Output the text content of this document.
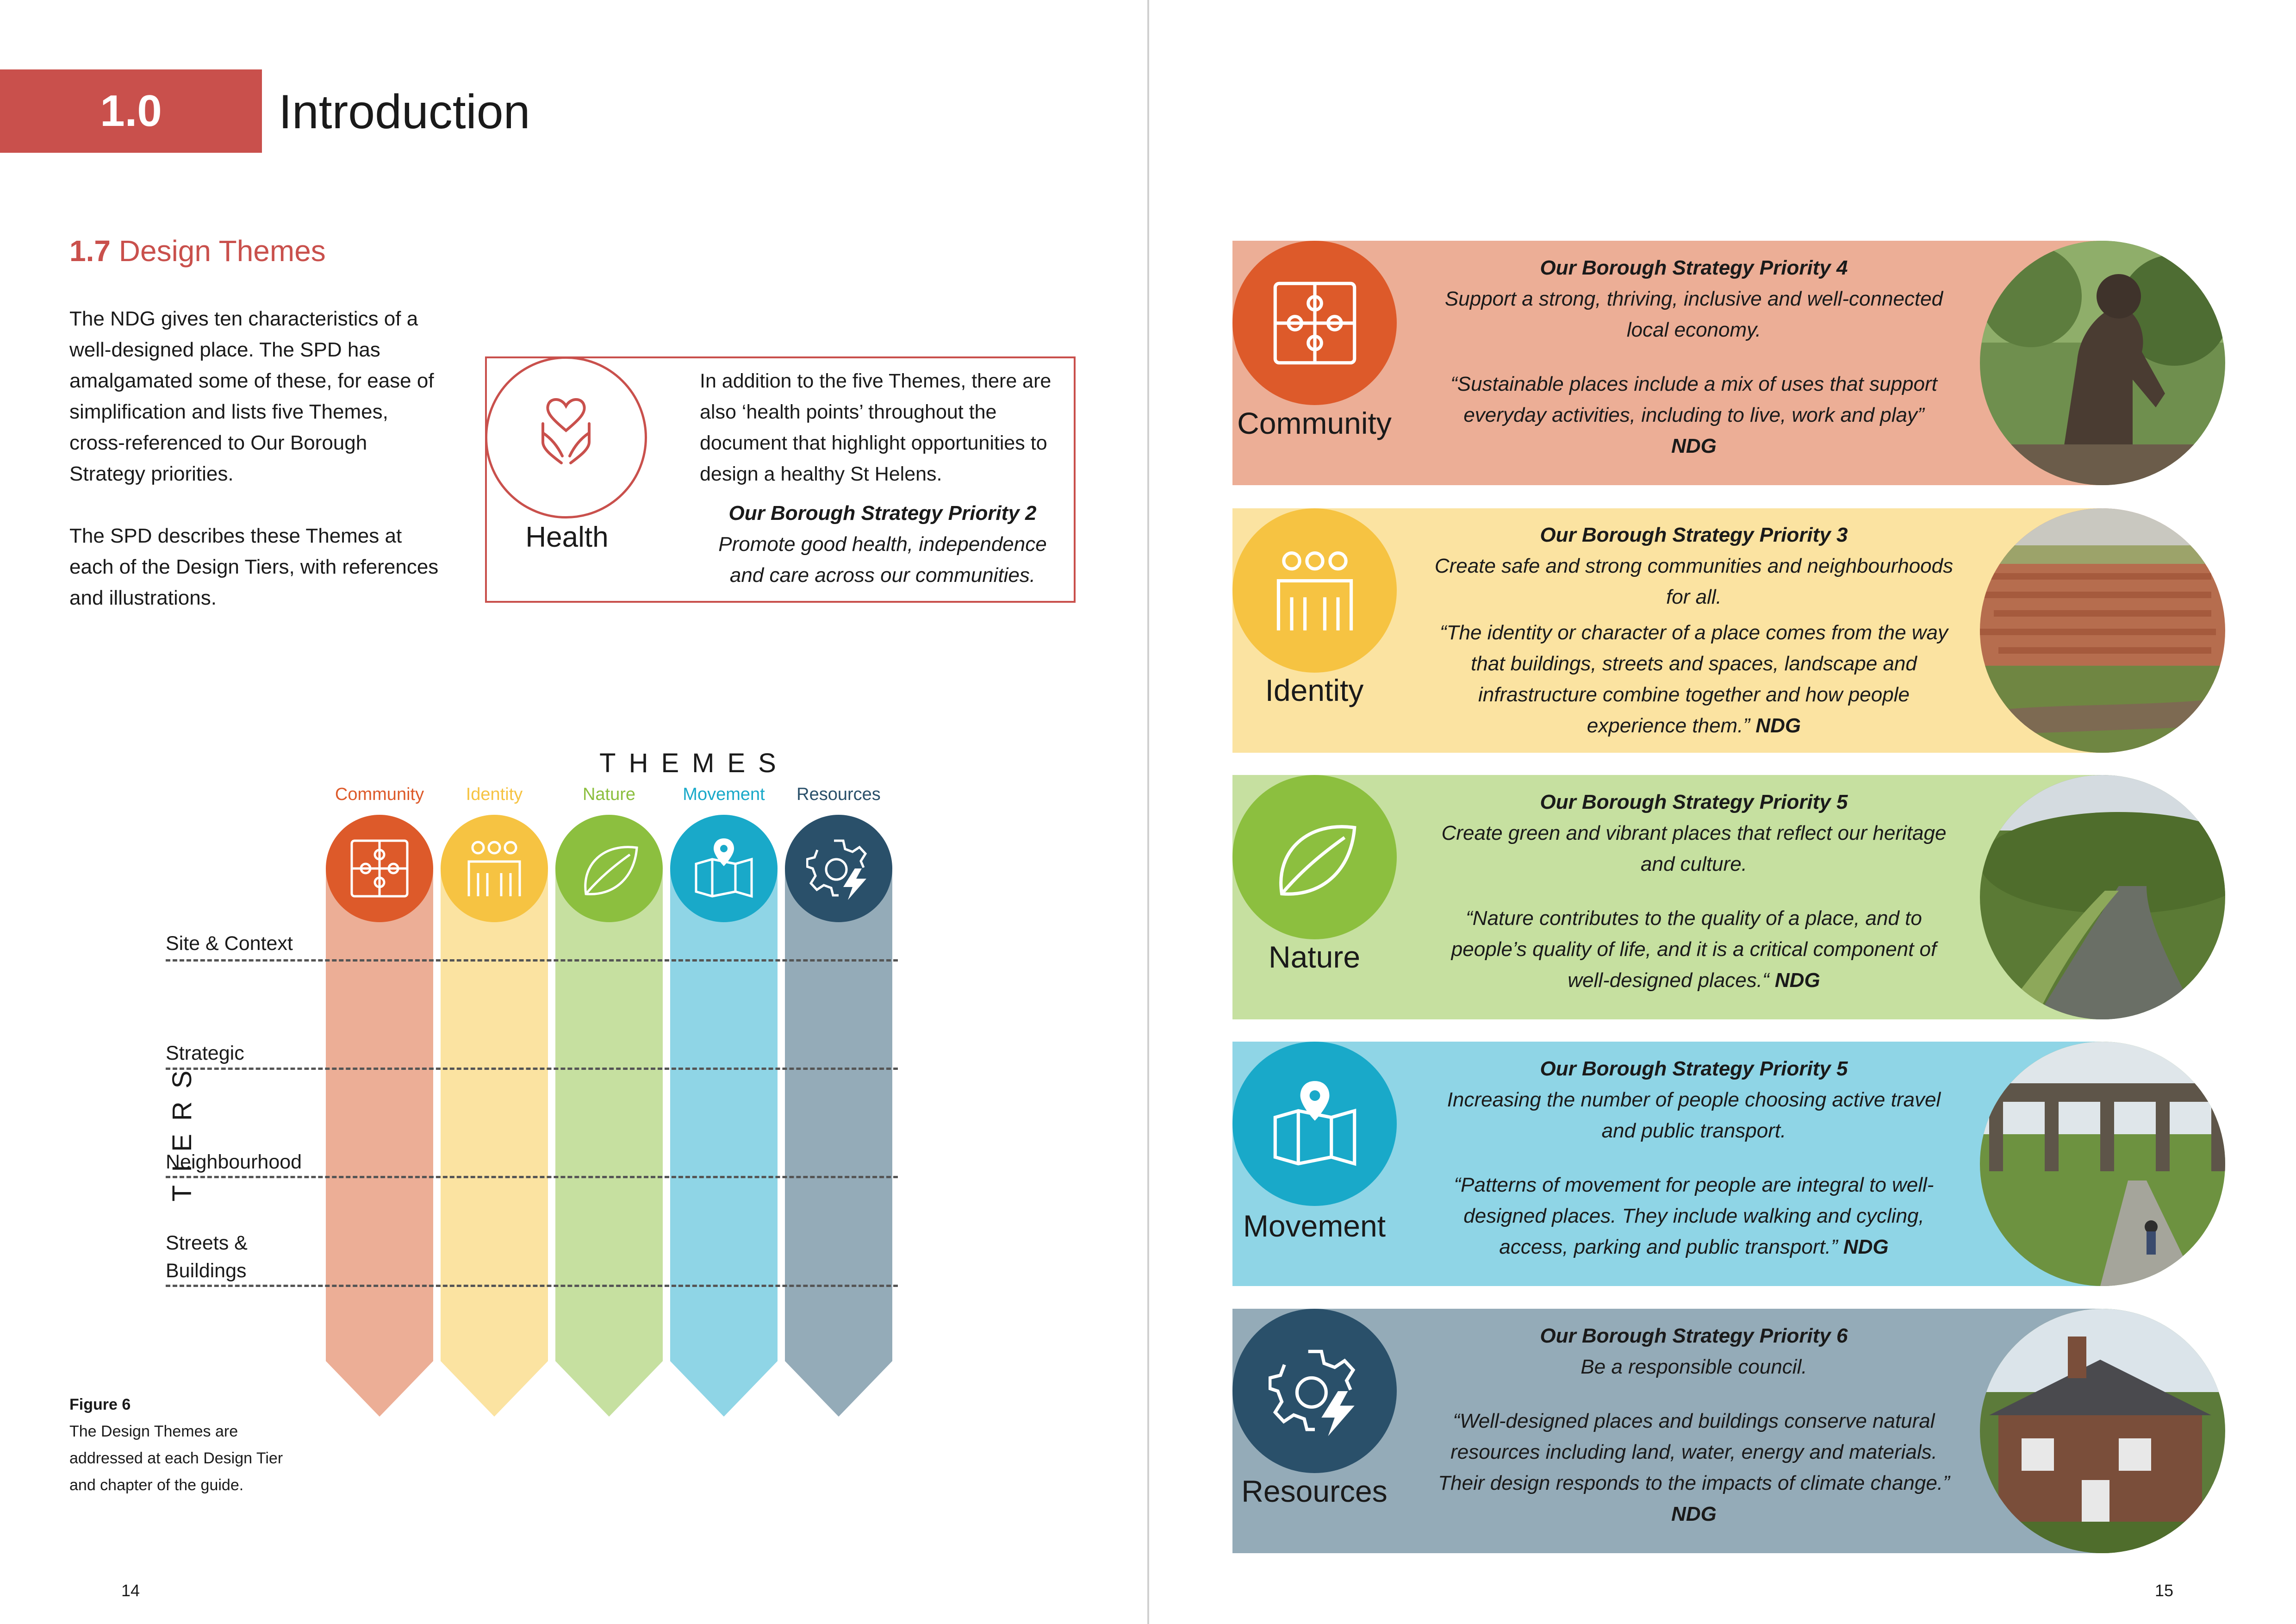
1.0	Introduction
1.7 Design Themes

The NDG gives ten characteristics of a well-designed place. The SPD has amalgamated some of these, for ease of simplification and lists five Themes, cross-referenced to Our Borough Strategy priorities.

The SPD describes these Themes at each of the Design Tiers, with references and illustrations.

Health
In addition to the five Themes, there are also ‘health points’ throughout the document that highlight opportunities to design a healthy St Helens.
Our Borough Strategy Priority 2
Promote good health, independence and care across our communities.
THEMES
Community	Identity	Nature	Movement	Resources
Site & Context
Strategic
Neighbourhood
Streets &
Buildings
TIERS
Figure 6
The Design Themes are addressed at each Design Tier and chapter of the guide.
14
Community

Our Borough Strategy Priority 4

Support a strong, thriving, inclusive and well-connected local economy.

“Sustainable places include a mix of uses that support everyday activities, including to live, work and play”

NDG

Identity

Our Borough Strategy Priority 3

Create safe and strong communities and neighbourhoods for all.

“The identity or character of a place comes from the way that buildings, streets and spaces, landscape and infrastructure combine together and how people experience them.” NDG

Nature

Our Borough Strategy Priority 5

Create green and vibrant places that reflect our heritage and culture.

“Nature contributes to the quality of a place, and to people’s quality of life, and it is a critical component of well-designed places.“ NDG

Movement

Our Borough Strategy Priority 5

Increasing the number of people choosing active travel and public transport.

“Patterns of movement for people are integral to well-designed places. They include walking and cycling, access, parking and public transport.” NDG

Resources

Our Borough Strategy Priority 6

Be a responsible council.

“Well-designed places and buildings conserve natural resources including land, water, energy and materials. Their design responds to the impacts of climate change.” NDG

15
